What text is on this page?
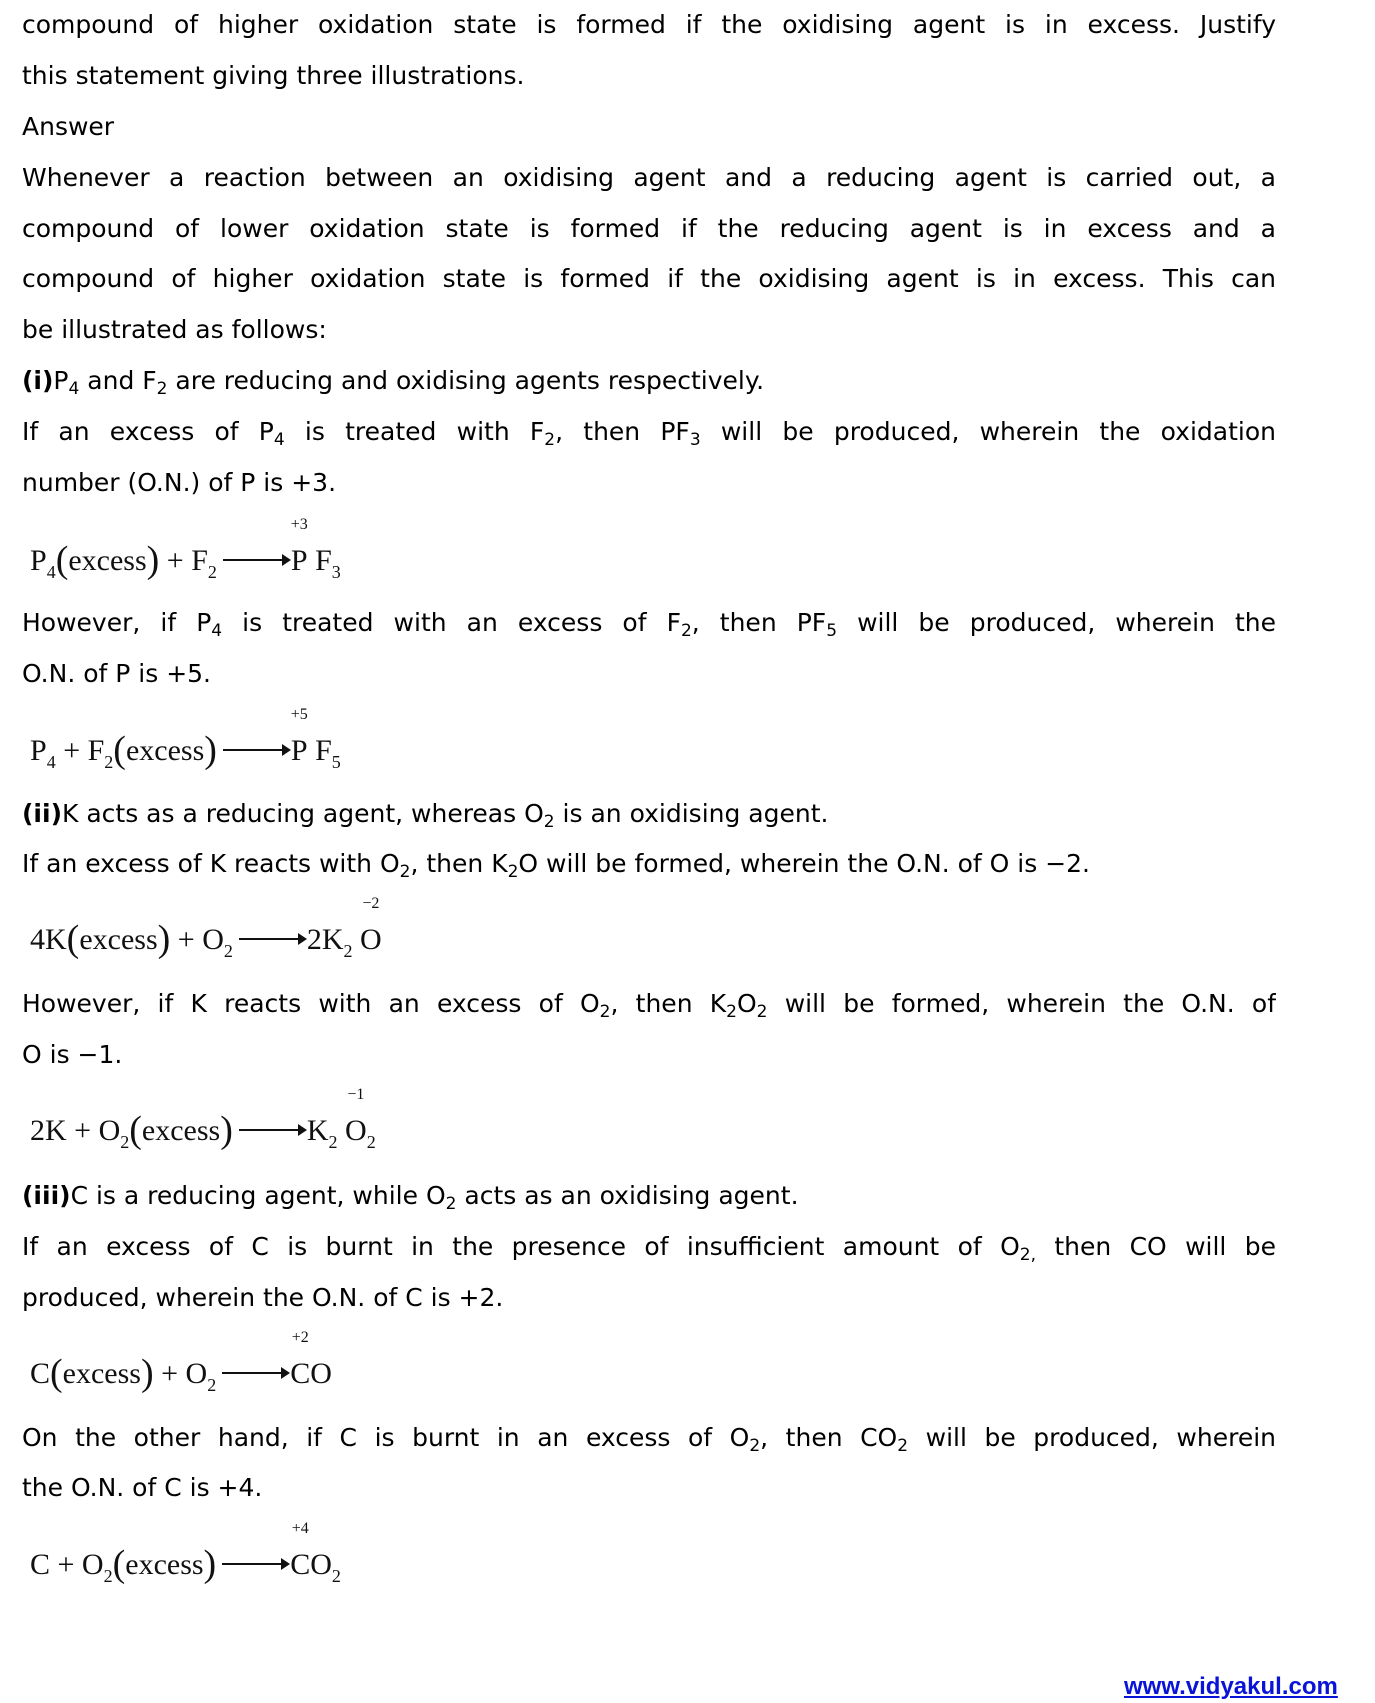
compound of higher oxidation state is formed if the oxidising agent is in excess. Justify
this statement giving three illustrations.
Answer
Whenever a reaction between an oxidising agent and a reducing agent is carried out, a
compound of lower oxidation state is formed if the reducing agent is in excess and a
compound of higher oxidation state is formed if the oxidising agent is in excess. This can
be illustrated as follows:
$(i)P_4$ and $F_2$ are reducing and oxidising agents respectively.
If an excess of $P_4$ is treated with $F_2$, then $PF_3$ will be produced, wherein the oxidation
number (O.N.) of P is +3.
$P_4(excess) + F_2 \to P$
+3
$F_3$
However, if $P_4$ is treated with an excess of $F_2$, then $PF_5$ will be produced, wherein the
O.N. of P is +5.
$P_4$ + $F_2(excess) \to P$
+5
$F_5$
(ii)K acts as a reducing agent, whereas $O_2$ is an oxidising agent.
If an excess of K reacts with $O_2$, then $K_2O$ will be formed, wherein the O.N. of O is −2.
4K(excess) + $O_2 \to 2K_2$ O
−2
However, if K reacts with an excess of $O_2$, then $K_2O_2$ will be formed, wherein the O.N. of
O is −1.
$2K + O_2(excess) \to K_2$ O
−1
$_2$
(iii)C is a reducing agent, while $O_2$ acts as an oxidising agent.
If an excess of C is burnt in the presence of insufficient amount of $O_{2,}$ then CO will be
produced, wherein the O.N. of C is +2.
C(excess) + $O_2 \to C$
+2
O
On the other hand, if C is burnt in an excess of $O_2$, then $CO_2$ will be produced, wherein
the O.N. of C is +4.
$C + O_2(excess) \to C$
+4
$O_2$
www.vidyakul.com
